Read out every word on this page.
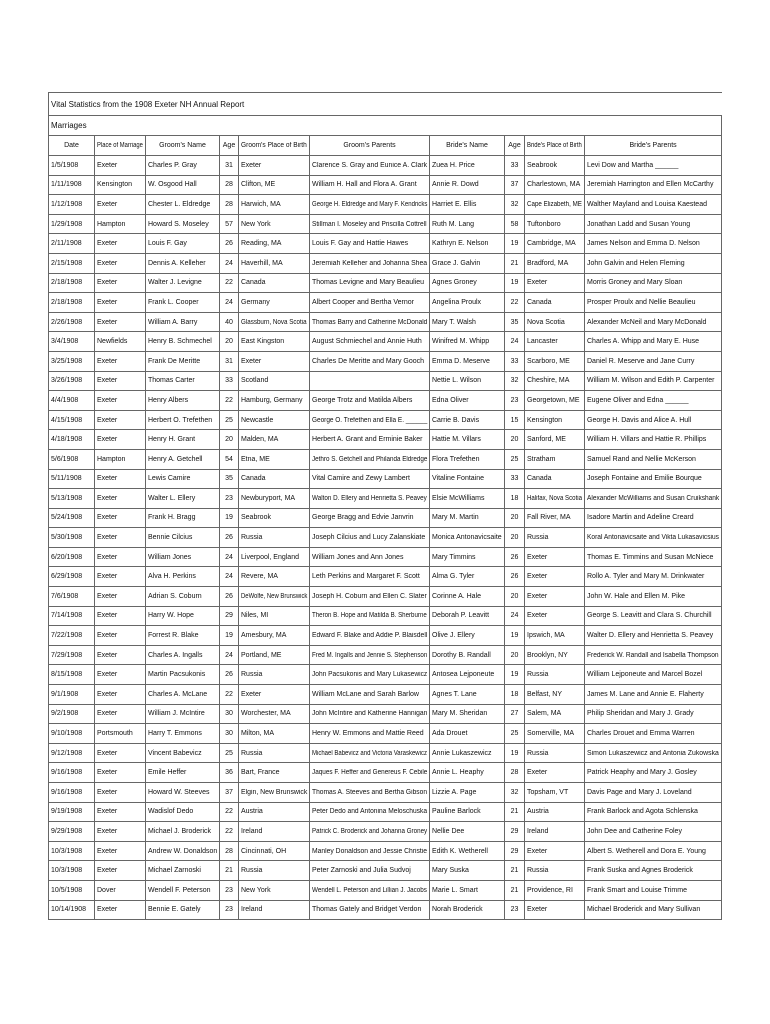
Vital Statistics from the 1908 Exeter NH Annual Report									
Marriages									
Date	Place of Marriage	Groom's Name	Age	Groom's Place of Birth	Groom's Parents	Bride's Name	Age	Bride's Place of Birth	Bride's Parents
1/5/1908	Exeter	Charles P. Gray	31	Exeter	Clarence S. Gray and Eunice A. Clark	Zuea H. Price	33	Seabrook	Levi Dow and Martha ______
1/11/1908	Kensington	W. Osgood Hall	28	Clifton, ME	William H. Hall and Flora A. Grant	Annie R. Dowd	37	Charlestown, MA	Jeremiah Harrington and Ellen McCarthy
1/12/1908	Exeter	Chester L. Eldredge	28	Harwich, MA	George H. Eldredge and Mary F. Kendricks	Harriet E. Ellis	32	Cape Elizabeth, ME	Walther Mayland and Louisa Kaestead
1/29/1908	Hampton	Howard S. Moseley	57	New York	Stillman I. Moseley and Priscilla Cottrell	Ruth M. Lang	58	Tuftonboro	Jonathan Ladd and Susan Young
2/11/1908	Exeter	Louis F. Gay	26	Reading, MA	Louis F. Gay and Hattie Hawes	Kathryn E. Nelson	19	Cambridge, MA	James Nelson and Emma D. Nelson
2/15/1908	Exeter	Dennis A. Kelleher	24	Haverhill, MA	Jeremiah Kelleher and Johanna Shea	Grace J. Galvin	21	Bradford, MA	John Galvin and Helen Fleming
2/18/1908	Exeter	Walter J. Levigne	22	Canada	Thomas Levigne and Mary Beaulieu	Agnes Groney	19	Exeter	Morris Groney and Mary Sloan
2/18/1908	Exeter	Frank L. Cooper	24	Germany	Albert Cooper and Bertha Vernor	Angelina Proulx	22	Canada	Prosper Proulx and Nellie Beaulieu
2/26/1908	Exeter	William A. Barry	40	Glassburn, Nova Scotia	Thomas Barry and Catherine McDonald	Mary T. Walsh	35	Nova Scotia	Alexander McNeil and Mary McDonald
3/4/1908	Newfields	Henry B. Schmechel	20	East Kingston	August Schmiechel and Annie Huth	Winifred M. Whipp	24	Lancaster	Charles A. Whipp and Mary E. Huse
3/25/1908	Exeter	Frank De Meritte	31	Exeter	Charles De Meritte and Mary Gooch	Emma D. Meserve	33	Scarboro, ME	Daniel R. Meserve and Jane Curry
3/26/1908	Exeter	Thomas Carter	33	Scotland		Nettie L. Wilson	32	Cheshire, MA	William M. Wilson and Edith P. Carpenter
4/4/1908	Exeter	Henry Albers	22	Hamburg, Germany	George Trotz and Matilda Albers	Edna Oliver	23	Georgetown, ME	Eugene Oliver and Edna ______
4/15/1908	Exeter	Herbert O. Trefethen	25	Newcastle	George O. Trefethen and Ella E. ______	Carrie B. Davis	15	Kensington	George H. Davis and Alice A. Hull
4/18/1908	Exeter	Henry H. Grant	20	Malden, MA	Herbert A. Grant and Erminie Baker	Hattie M. Villars	20	Sanford, ME	William H. Villars and Hattie R. Phillips
5/6/1908	Hampton	Henry A. Getchell	54	Etna, ME	Jethro S. Getchell and Philanda Eldredge	Flora Trefethen	25	Stratham	Samuel Rand and Nellie McKerson
5/11/1908	Exeter	Lewis Camire	35	Canada	Vital Camire and Zewy Lambert	Vitaline Fontaine	33	Canada	Joseph Fontaine and Emilie Bourque
5/13/1908	Exeter	Walter L. Ellery	23	Newburyport, MA	Walton D. Ellery and Henrietta S. Peavey	Elsie McWilliams	18	Halifax, Nova Scotia	Alexander McWilliams and Susan Cruikshank
5/24/1908	Exeter	Frank H. Bragg	19	Seabrook	George Bragg and Edvie Janvrin	Mary M. Martin	20	Fall River, MA	Isadore Martin and Adeline Creard
5/30/1908	Exeter	Bennie Cilcius	26	Russia	Joseph Cilcius and Lucy Zalanskiate	Monica Antonavicsaite	20	Russia	Koral Antonavicsaite and Vikta Lukasavicsius
6/20/1908	Exeter	William Jones	24	Liverpool, England	William Jones and Ann Jones	Mary Timmins	26	Exeter	Thomas E. Timmins and Susan McNiece
6/29/1908	Exeter	Alva H. Perkins	24	Revere, MA	Leth Perkins and Margaret F. Scott	Alma G. Tyler	26	Exeter	Rollo A. Tyler and Mary M. Drinkwater
7/6/1908	Exeter	Adrian S. Coburn	26	DeWolfe, New Brunswick	Joseph H. Coburn and Ellen C. Slater	Corinne A. Hale	20	Exeter	John W. Hale and Ellen M. Pike
7/14/1908	Exeter	Harry W. Hope	29	Niles, MI	Theron B. Hope and Matilda B. Sherburne	Deborah P. Leavitt	24	Exeter	George S. Leavitt and Clara S. Churchill
7/22/1908	Exeter	Forrest R. Blake	19	Amesbury, MA	Edward F. Blake and Addie P. Blaisdell	Olive J. Ellery	19	Ipswich, MA	Walter D. Ellery and Henrietta S. Peavey
7/29/1908	Exeter	Charles A. Ingalls	24	Portland, ME	Fred M. Ingalls and Jennie S. Stephenson	Dorothy B. Randall	20	Brooklyn, NY	Frederick W. Randall and Isabella Thompson
8/15/1908	Exeter	Martin Pacsukonis	26	Russia	John Pacsukonis and Mary Lukasewicz	Antosea Lejponeute	19	Russia	William Lejponeute and Marcel Bozel
9/1/1908	Exeter	Charles A. McLane	22	Exeter	William McLane and Sarah Barlow	Agnes T. Lane	18	Belfast, NY	James M. Lane and Annie E. Flaherty
9/2/1908	Exeter	William J. McIntire	30	Worchester, MA	John McIntire and Katherine Hannigan	Mary M. Sheridan	27	Salem, MA	Philip Sheridan and Mary J. Grady
9/10/1908	Portsmouth	Harry T. Emmons	30	Milton, MA	Henry W. Emmons and Mattie Reed	Ada Drouet	25	Somerville, MA	Charles Drouet and Emma Warren
9/12/1908	Exeter	Vincent Babevicz	25	Russia	Michael Babevicz and Victoria Varaskewicz	Annie Lukaszewicz	19	Russia	Simon Lukaszewicz and Antonia Zukowska
9/16/1908	Exeter	Emile Heffer	36	Bart, France	Jaques F. Heffer and Genereus F. Cebile	Annie L. Heaphy	28	Exeter	Patrick Heaphy and Mary J. Gosley
9/16/1908	Exeter	Howard W. Steeves	37	Elgin, New Brunswick	Thomas A. Steeves and Bertha Gibson	Lizzie A. Page	32	Topsham, VT	Davis Page and Mary J. Loveland
9/19/1908	Exeter	Wadislof Dedo	22	Austria	Peter Dedo and Antonina Meloschuska	Pauline Barlock	21	Austria	Frank Barlock and Agota Schlenska
9/29/1908	Exeter	Michael J. Broderick	22	Ireland	Patrick C. Broderick and Johanna Groney	Nellie Dee	29	Ireland	John Dee and Catherine Foley
10/3/1908	Exeter	Andrew W. Donaldson	28	Cincinnati, OH	Manley Donaldson and Jessie Christie	Edith K. Wetherell	29	Exeter	Albert S. Wetherell and Dora E. Young
10/3/1908	Exeter	Michael Zarnoski	21	Russia	Peter Zarnoski and Julia Sudvoj	Mary Suska	21	Russia	Frank Suska and Agnes Broderick
10/5/1908	Dover	Wendell F. Peterson	23	New York	Wendell L. Peterson and Lillian J. Jacobs	Marie L. Smart	21	Providence, RI	Frank Smart and Louise Trimme
10/14/1908	Exeter	Bennie E. Gately	23	Ireland	Thomas Gately and Bridget Verdon	Norah Broderick	23	Exeter	Michael Broderick and Mary Sullivan
